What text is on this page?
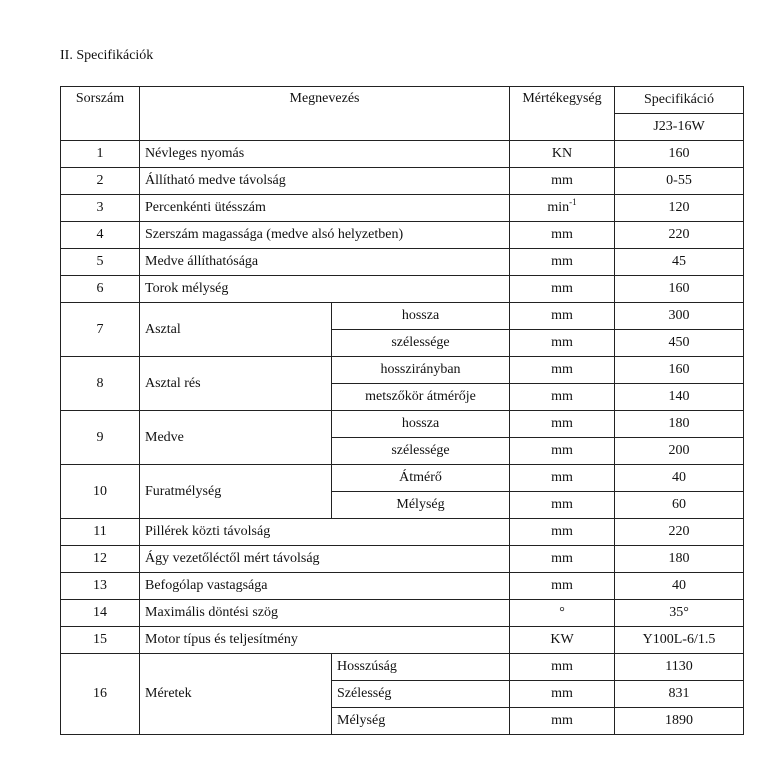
II. Specifikációk
Sorszám	Megnevezés		Mértékegység	Specifikáció
				J23-16W
1	Névleges nyomás		KN	160
2	Állítható medve távolság		mm	0-55
3	Percenkénti ütésszám		$\min^{-1}$	120
4	Szerszám magassága (medve alsó helyzetben)		mm	220
5	Medve állíthatósága		mm	45
6	Torok mélység		mm	160
7	Asztal	hossza	mm	300
		szélessége	mm	450
8	Asztal rés	hosszirányban	mm	160
		metszőkör átmérője	mm	140
9	Medve	hossza	mm	180
		szélessége	mm	200
10	Furatmélység	Átmérő	mm	40
		Mélység	mm	60
11	Pillérek közti távolság		mm	220
12	Ágy vezetőléctől mért távolság		mm	180
13	Befogólap vastagsága		mm	40
14	Maximális döntési szög		°	35°
15	Motor típus és teljesítmény		KW	Y100L-6/1.5
16	Méretek	Hosszúság	mm	1130
		Szélesség	mm	831
		Mélység	mm	1890
